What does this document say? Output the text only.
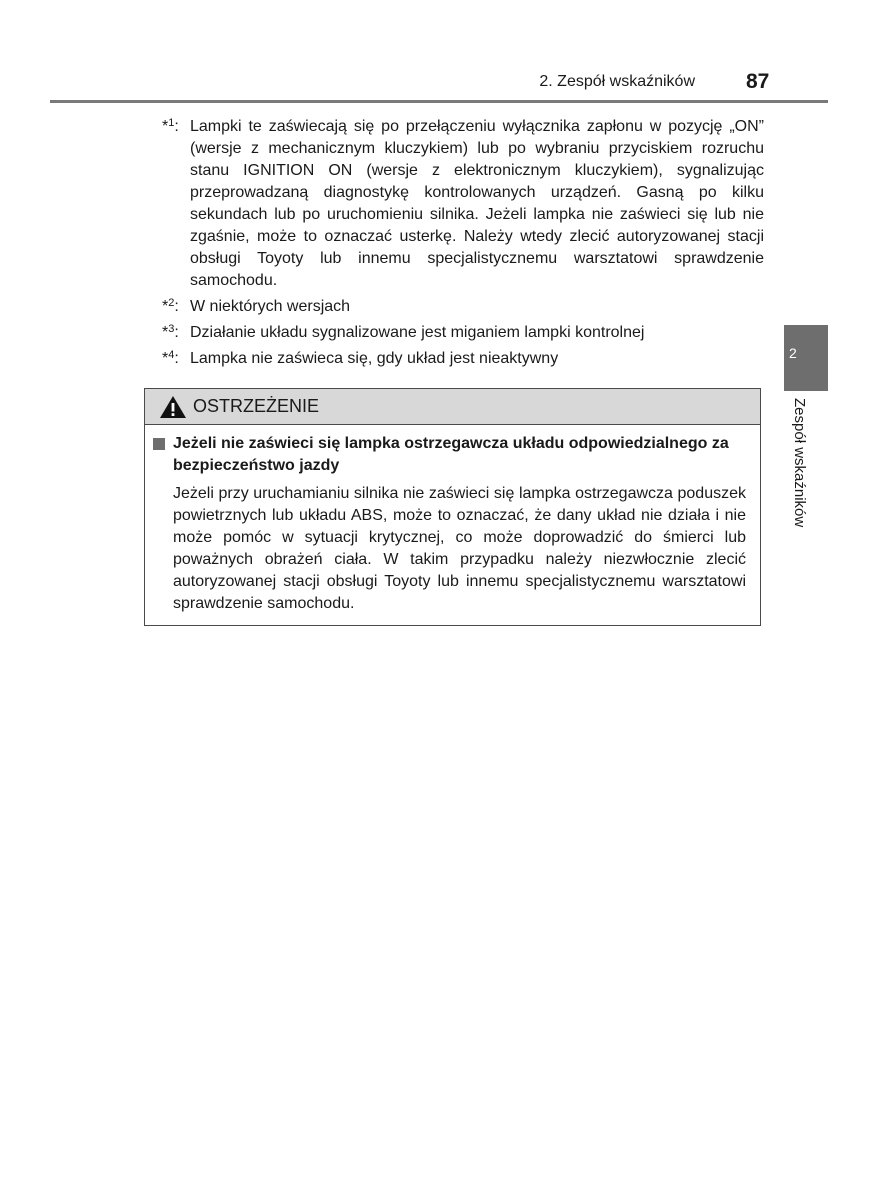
2. Zespół wskaźników 87
*$^1$: Lampki te zaświecają się po przełączeniu wyłącznika zapłonu w pozycję „ON” (wersje z mechanicznym kluczykiem) lub po wybraniu przyciskiem rozruchu stanu IGNITION ON (wersje z elektronicznym kluczykiem), sygnalizując przeprowadzaną diagnostykę kontrolowanych urządzeń. Gasną po kilku sekundach lub po uruchomieniu silnika. Jeżeli lampka nie zaświeci się lub nie zgaśnie, może to oznaczać usterkę. Należy wtedy zlecić autoryzowanej stacji obsługi Toyoty lub innemu specjalistycznemu warsztatowi sprawdzenie samochodu.
*$^2$: W niektórych wersjach
*$^3$: Działanie układu sygnalizowane jest miganiem lampki kontrolnej
*$^4$: Lampka nie zaświeca się, gdy układ jest nieaktywny	2
Zespół wskaźników
OSTRZEŻENIE
Jeżeli nie zaświeci się lampka ostrzegawcza układu odpowiedzialnego za bezpieczeństwo jazdy
Jeżeli przy uruchamianiu silnika nie zaświeci się lampka ostrzegawcza poduszek powietrznych lub układu ABS, może to oznaczać, że dany układ nie działa i nie może pomóc w sytuacji krytycznej, co może doprowadzić do śmierci lub poważnych obrażeń ciała. W takim przypadku należy niezwłocznie zlecić autoryzowanej stacji obsługi Toyoty lub innemu specjalistycznemu warsztatowi sprawdzenie samochodu.
